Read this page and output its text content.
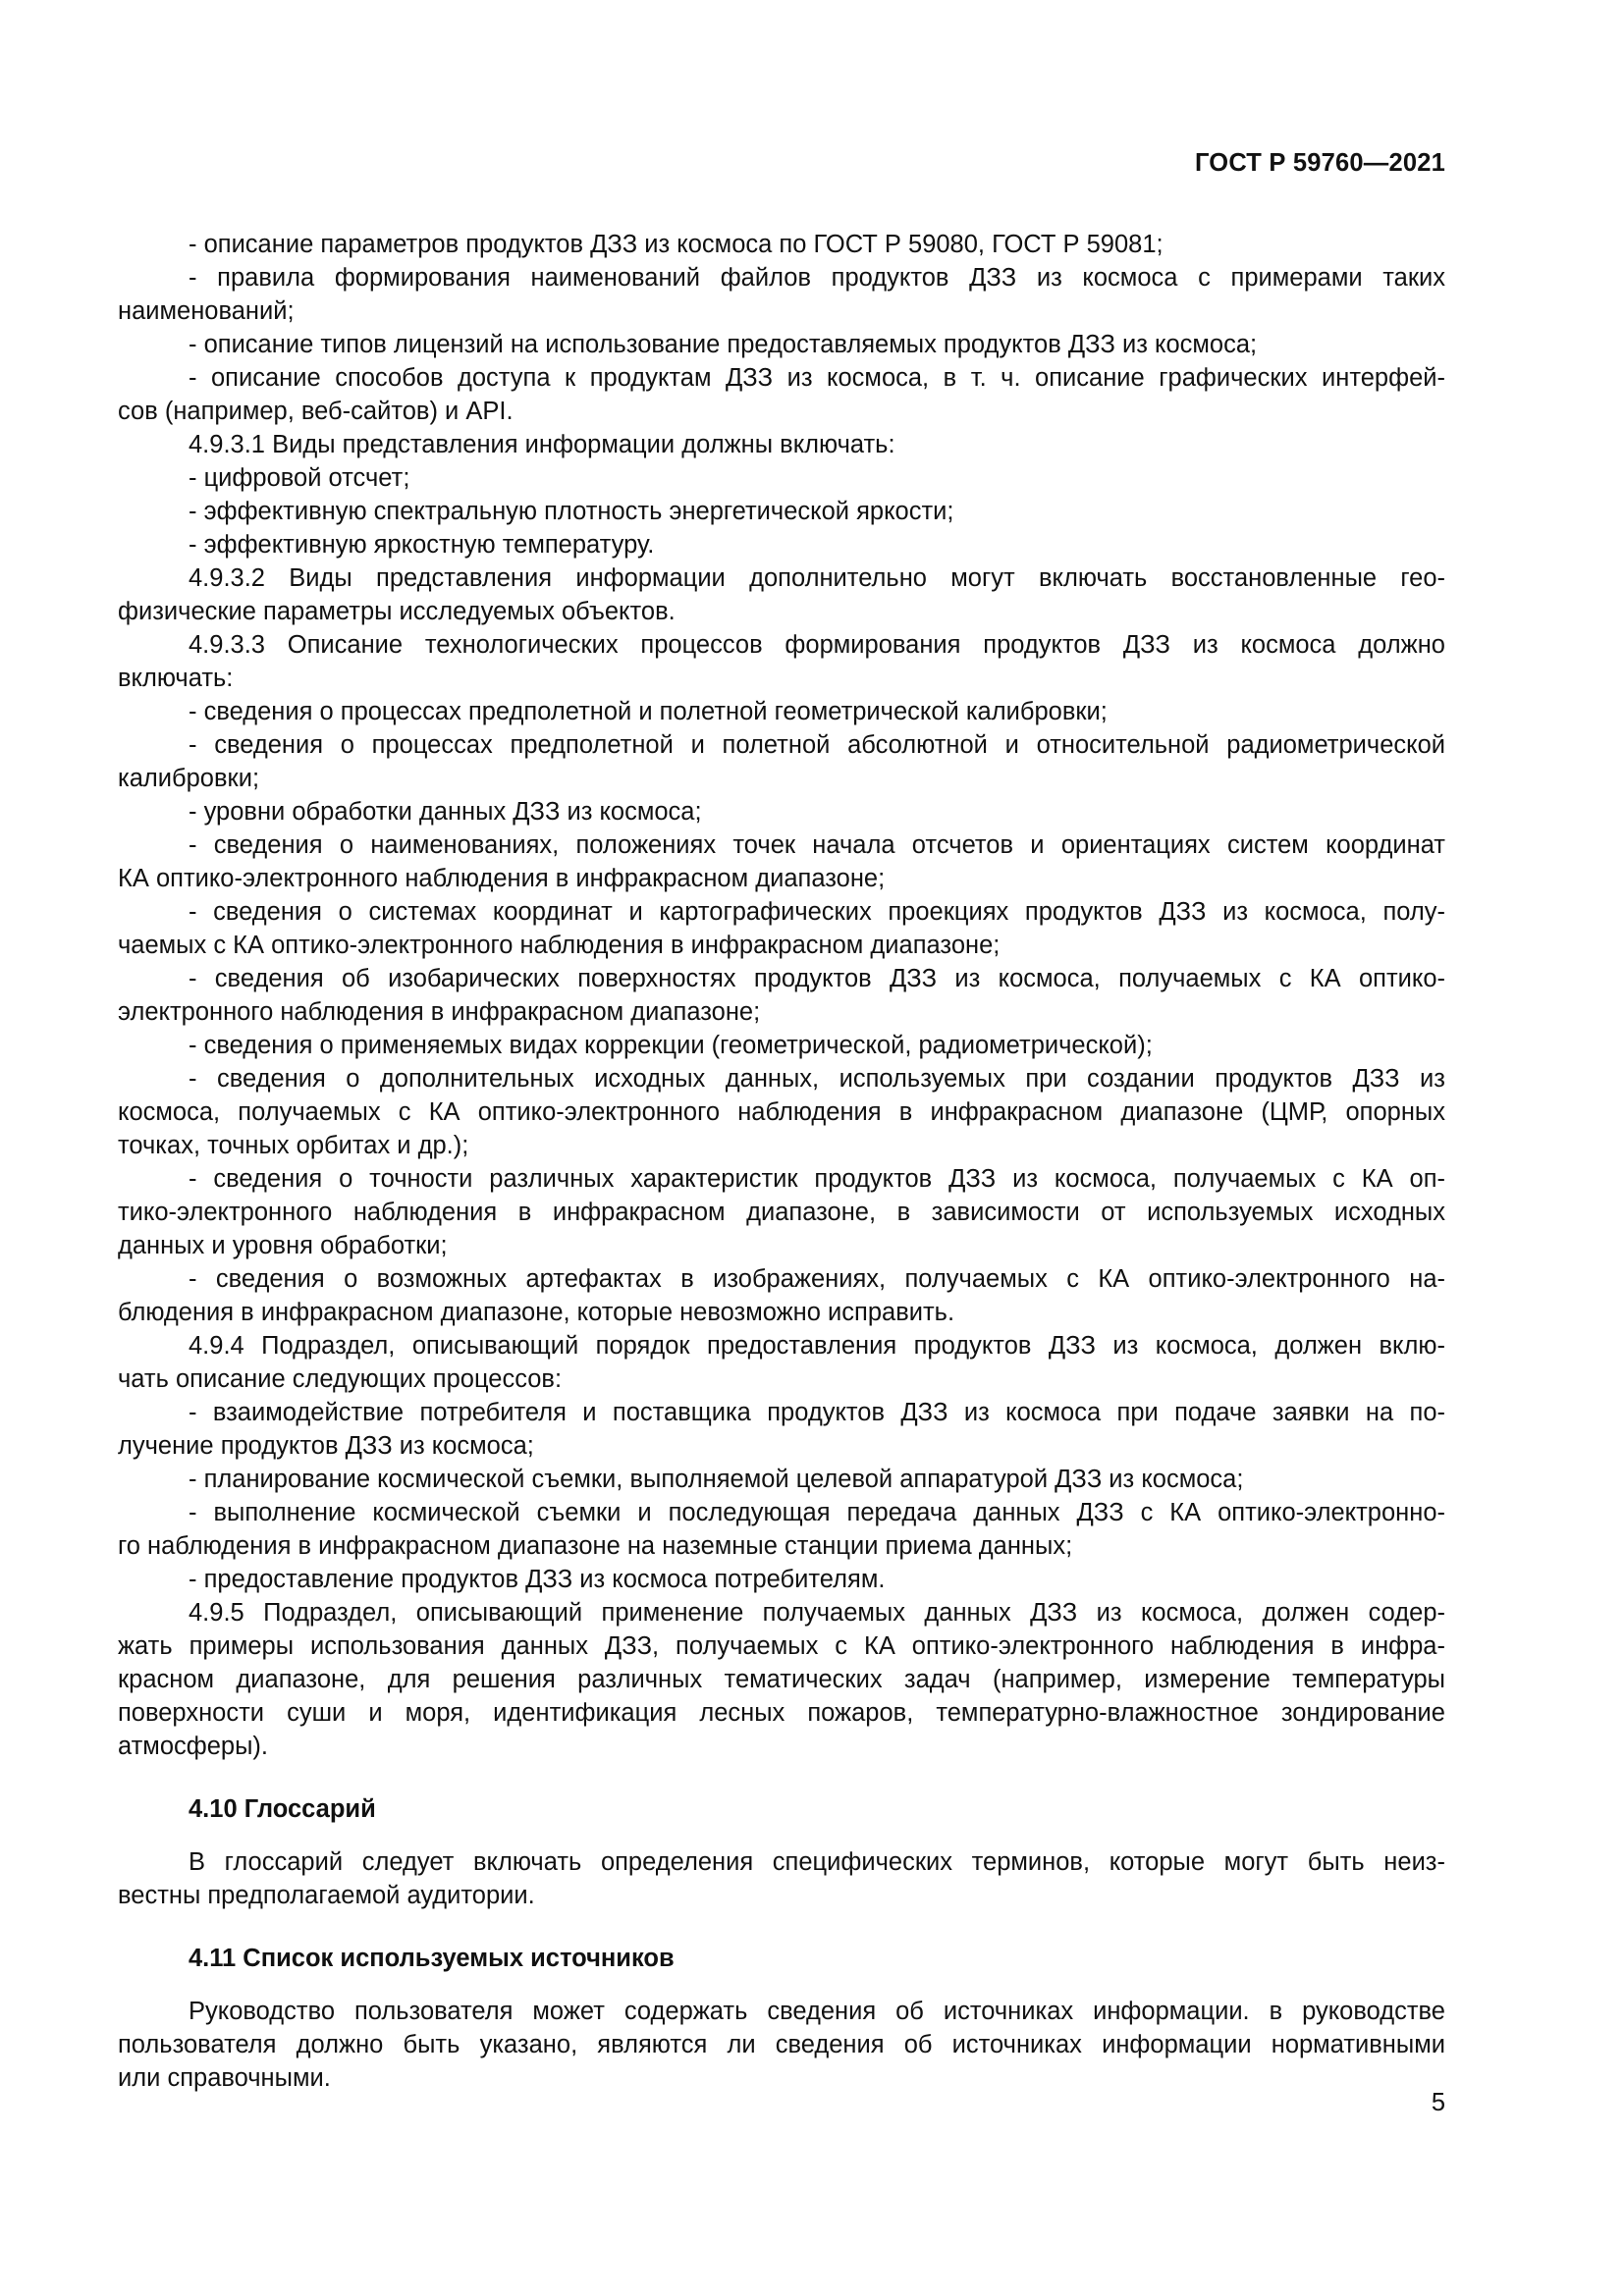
ГОСТ Р 59760—2021
- описание параметров продуктов ДЗЗ из космоса по ГОСТ Р 59080, ГОСТ Р 59081;
- правила формирования наименований файлов продуктов ДЗЗ из космоса с примерами таких
наименований;
- описание типов лицензий на использование предоставляемых продуктов ДЗЗ из космоса;
- описание способов доступа к продуктам ДЗЗ из космоса, в т. ч. описание графических интерфей-
сов (например, веб-сайтов) и API.
4.9.3.1 Виды представления информации должны включать:
- цифровой отсчет;
- эффективную спектральную плотность энергетической яркости;
- эффективную яркостную температуру.
4.9.3.2 Виды представления информации дополнительно могут включать восстановленные гео-
физические параметры исследуемых объектов.
4.9.3.3 Описание технологических процессов формирования продуктов ДЗЗ из космоса должно
включать:
- сведения о процессах предполетной и полетной геометрической калибровки;
- сведения о процессах предполетной и полетной абсолютной и относительной радиометрической
калибровки;
- уровни обработки данных ДЗЗ из космоса;
- сведения о наименованиях, положениях точек начала отсчетов и ориентациях систем координат
КА оптико-электронного наблюдения в инфракрасном диапазоне;
- сведения о системах координат и картографических проекциях продуктов ДЗЗ из космоса, полу-
чаемых с КА оптико-электронного наблюдения в инфракрасном диапазоне;
- сведения об изобарических поверхностях продуктов ДЗЗ из космоса, получаемых с КА оптико-
электронного наблюдения в инфракрасном диапазоне;
- сведения о применяемых видах коррекции (геометрической, радиометрической);
- сведения о дополнительных исходных данных, используемых при создании продуктов ДЗЗ из
космоса, получаемых с КА оптико-электронного наблюдения в инфракрасном диапазоне (ЦМР, опорных
точках, точных орбитах и др.);
- сведения о точности различных характеристик продуктов ДЗЗ из космоса, получаемых с КА оп-
тико-электронного наблюдения в инфракрасном диапазоне, в зависимости от используемых исходных
данных и уровня обработки;
- сведения о возможных артефактах в изображениях, получаемых с КА оптико-электронного на-
блюдения в инфракрасном диапазоне, которые невозможно исправить.
4.9.4 Подраздел, описывающий порядок предоставления продуктов ДЗЗ из космоса, должен вклю-
чать описание следующих процессов:
- взаимодействие потребителя и поставщика продуктов ДЗЗ из космоса при подаче заявки на по-
лучение продуктов ДЗЗ из космоса;
- планирование космической съемки, выполняемой целевой аппаратурой ДЗЗ из космоса;
- выполнение космической съемки и последующая передача данных ДЗЗ с КА оптико-электронно-
го наблюдения в инфракрасном диапазоне на наземные станции приема данных;
- предоставление продуктов ДЗЗ из космоса потребителям.
4.9.5 Подраздел, описывающий применение получаемых данных ДЗЗ из космоса, должен содер-
жать примеры использования данных ДЗЗ, получаемых с КА оптико-электронного наблюдения в инфра-
красном диапазоне, для решения различных тематических задач (например, измерение температуры
поверхности суши и моря, идентификация лесных пожаров, температурно-влажностное зондирование
атмосферы).
4.10 Глоссарий
В глоссарий следует включать определения специфических терминов, которые могут быть неиз-
вестны предполагаемой аудитории.
4.11 Список используемых источников
Руководство пользователя может содержать сведения об источниках информации. в руководстве
пользователя должно быть указано, являются ли сведения об источниках информации нормативными
или справочными.
5
